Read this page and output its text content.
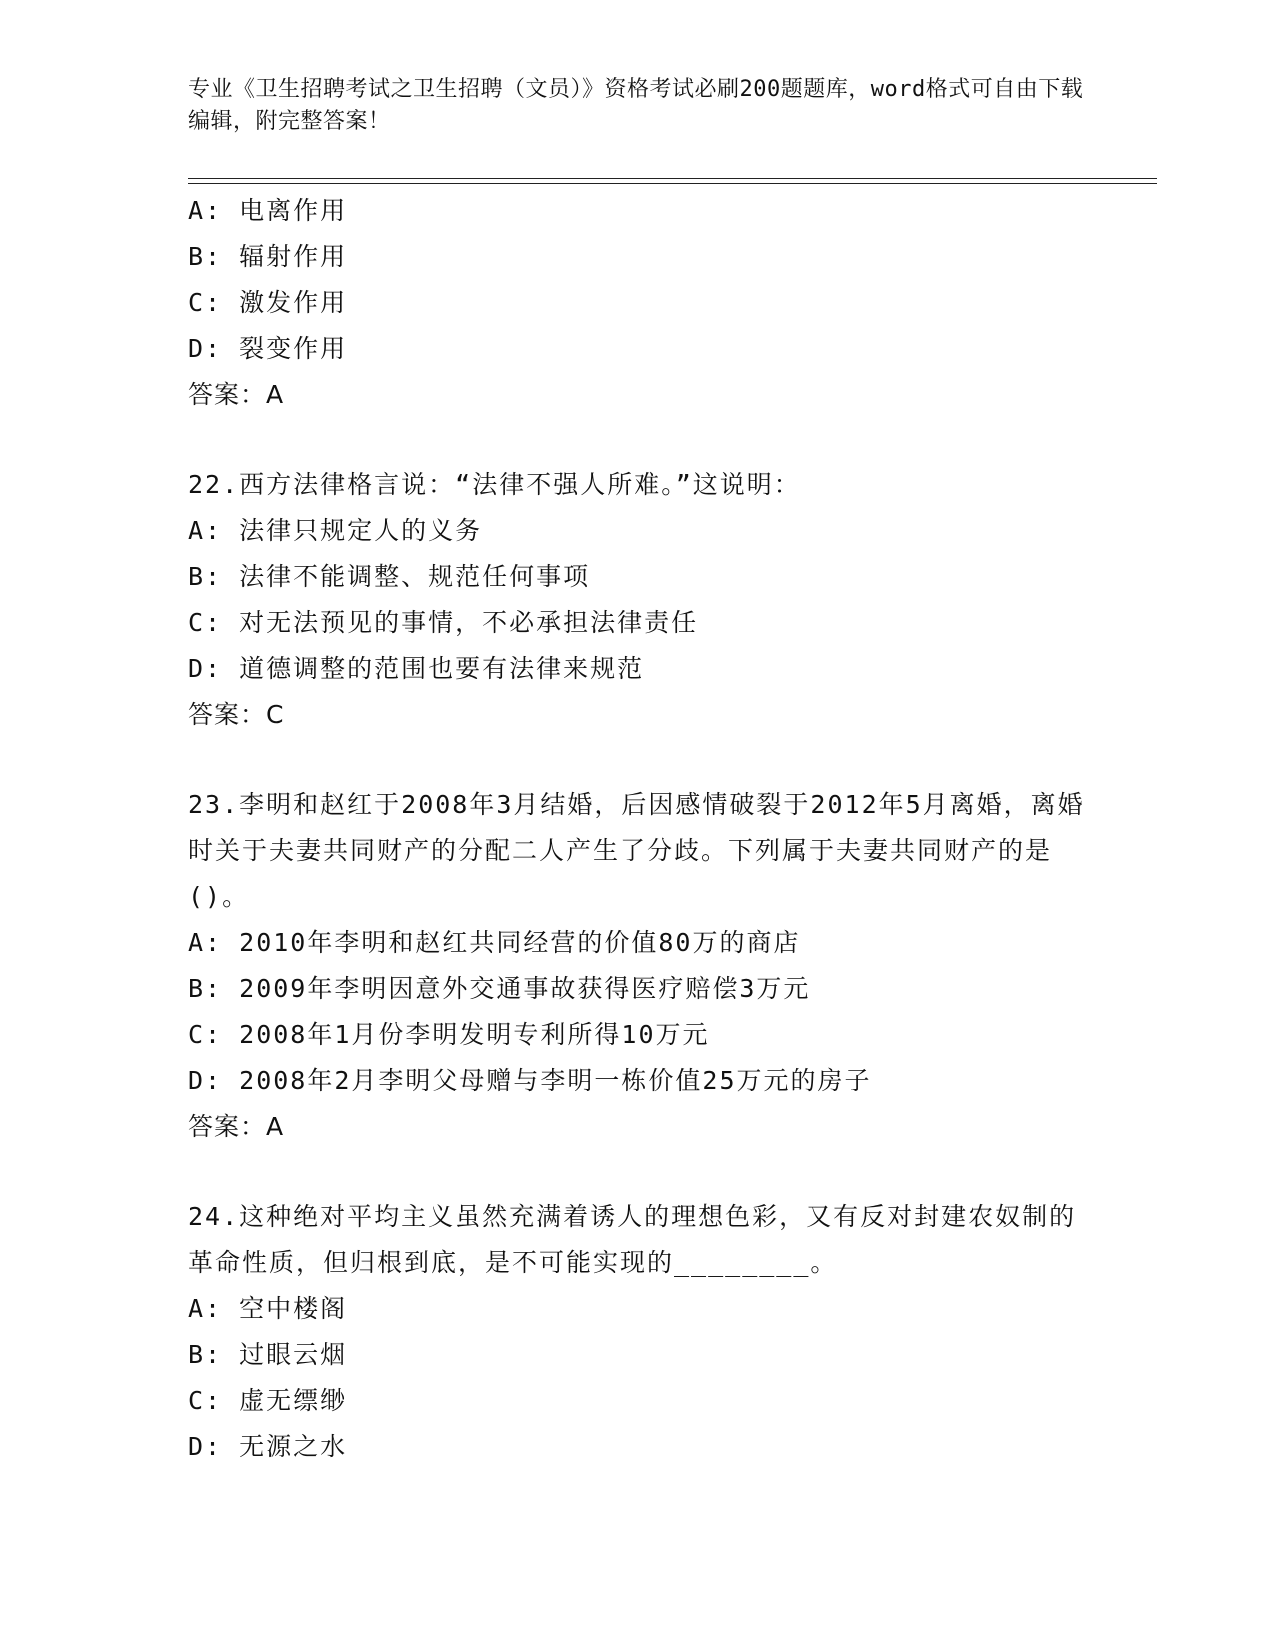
专业《卫生招聘考试之卫生招聘（文员）》资格考试必刷200题题库，word格式可自由下载编辑，附完整答案！
A: 电离作用
B: 辐射作用
C: 激发作用
D: 裂变作用
答案：A
22.西方法律格言说：“法律不强人所难。”这说明：
A: 法律只规定人的义务
B: 法律不能调整、规范任何事项
C: 对无法预见的事情，不必承担法律责任
D: 道德调整的范围也要有法律来规范
答案：C
23.李明和赵红于2008年3月结婚，后因感情破裂于2012年5月离婚，离婚时关于夫妻共同财产的分配二人产生了分歧。下列属于夫妻共同财产的是()。
A: 2010年李明和赵红共同经营的价值80万的商店
B: 2009年李明因意外交通事故获得医疗赔偿3万元
C: 2008年1月份李明发明专利所得10万元
D: 2008年2月李明父母赠与李明一栋价值25万元的房子
答案：A
24.这种绝对平均主义虽然充满着诱人的理想色彩，又有反对封建农奴制的革命性质，但归根到底，是不可能实现的________。
A: 空中楼阁
B: 过眼云烟
C: 虚无缥缈
D: 无源之水
